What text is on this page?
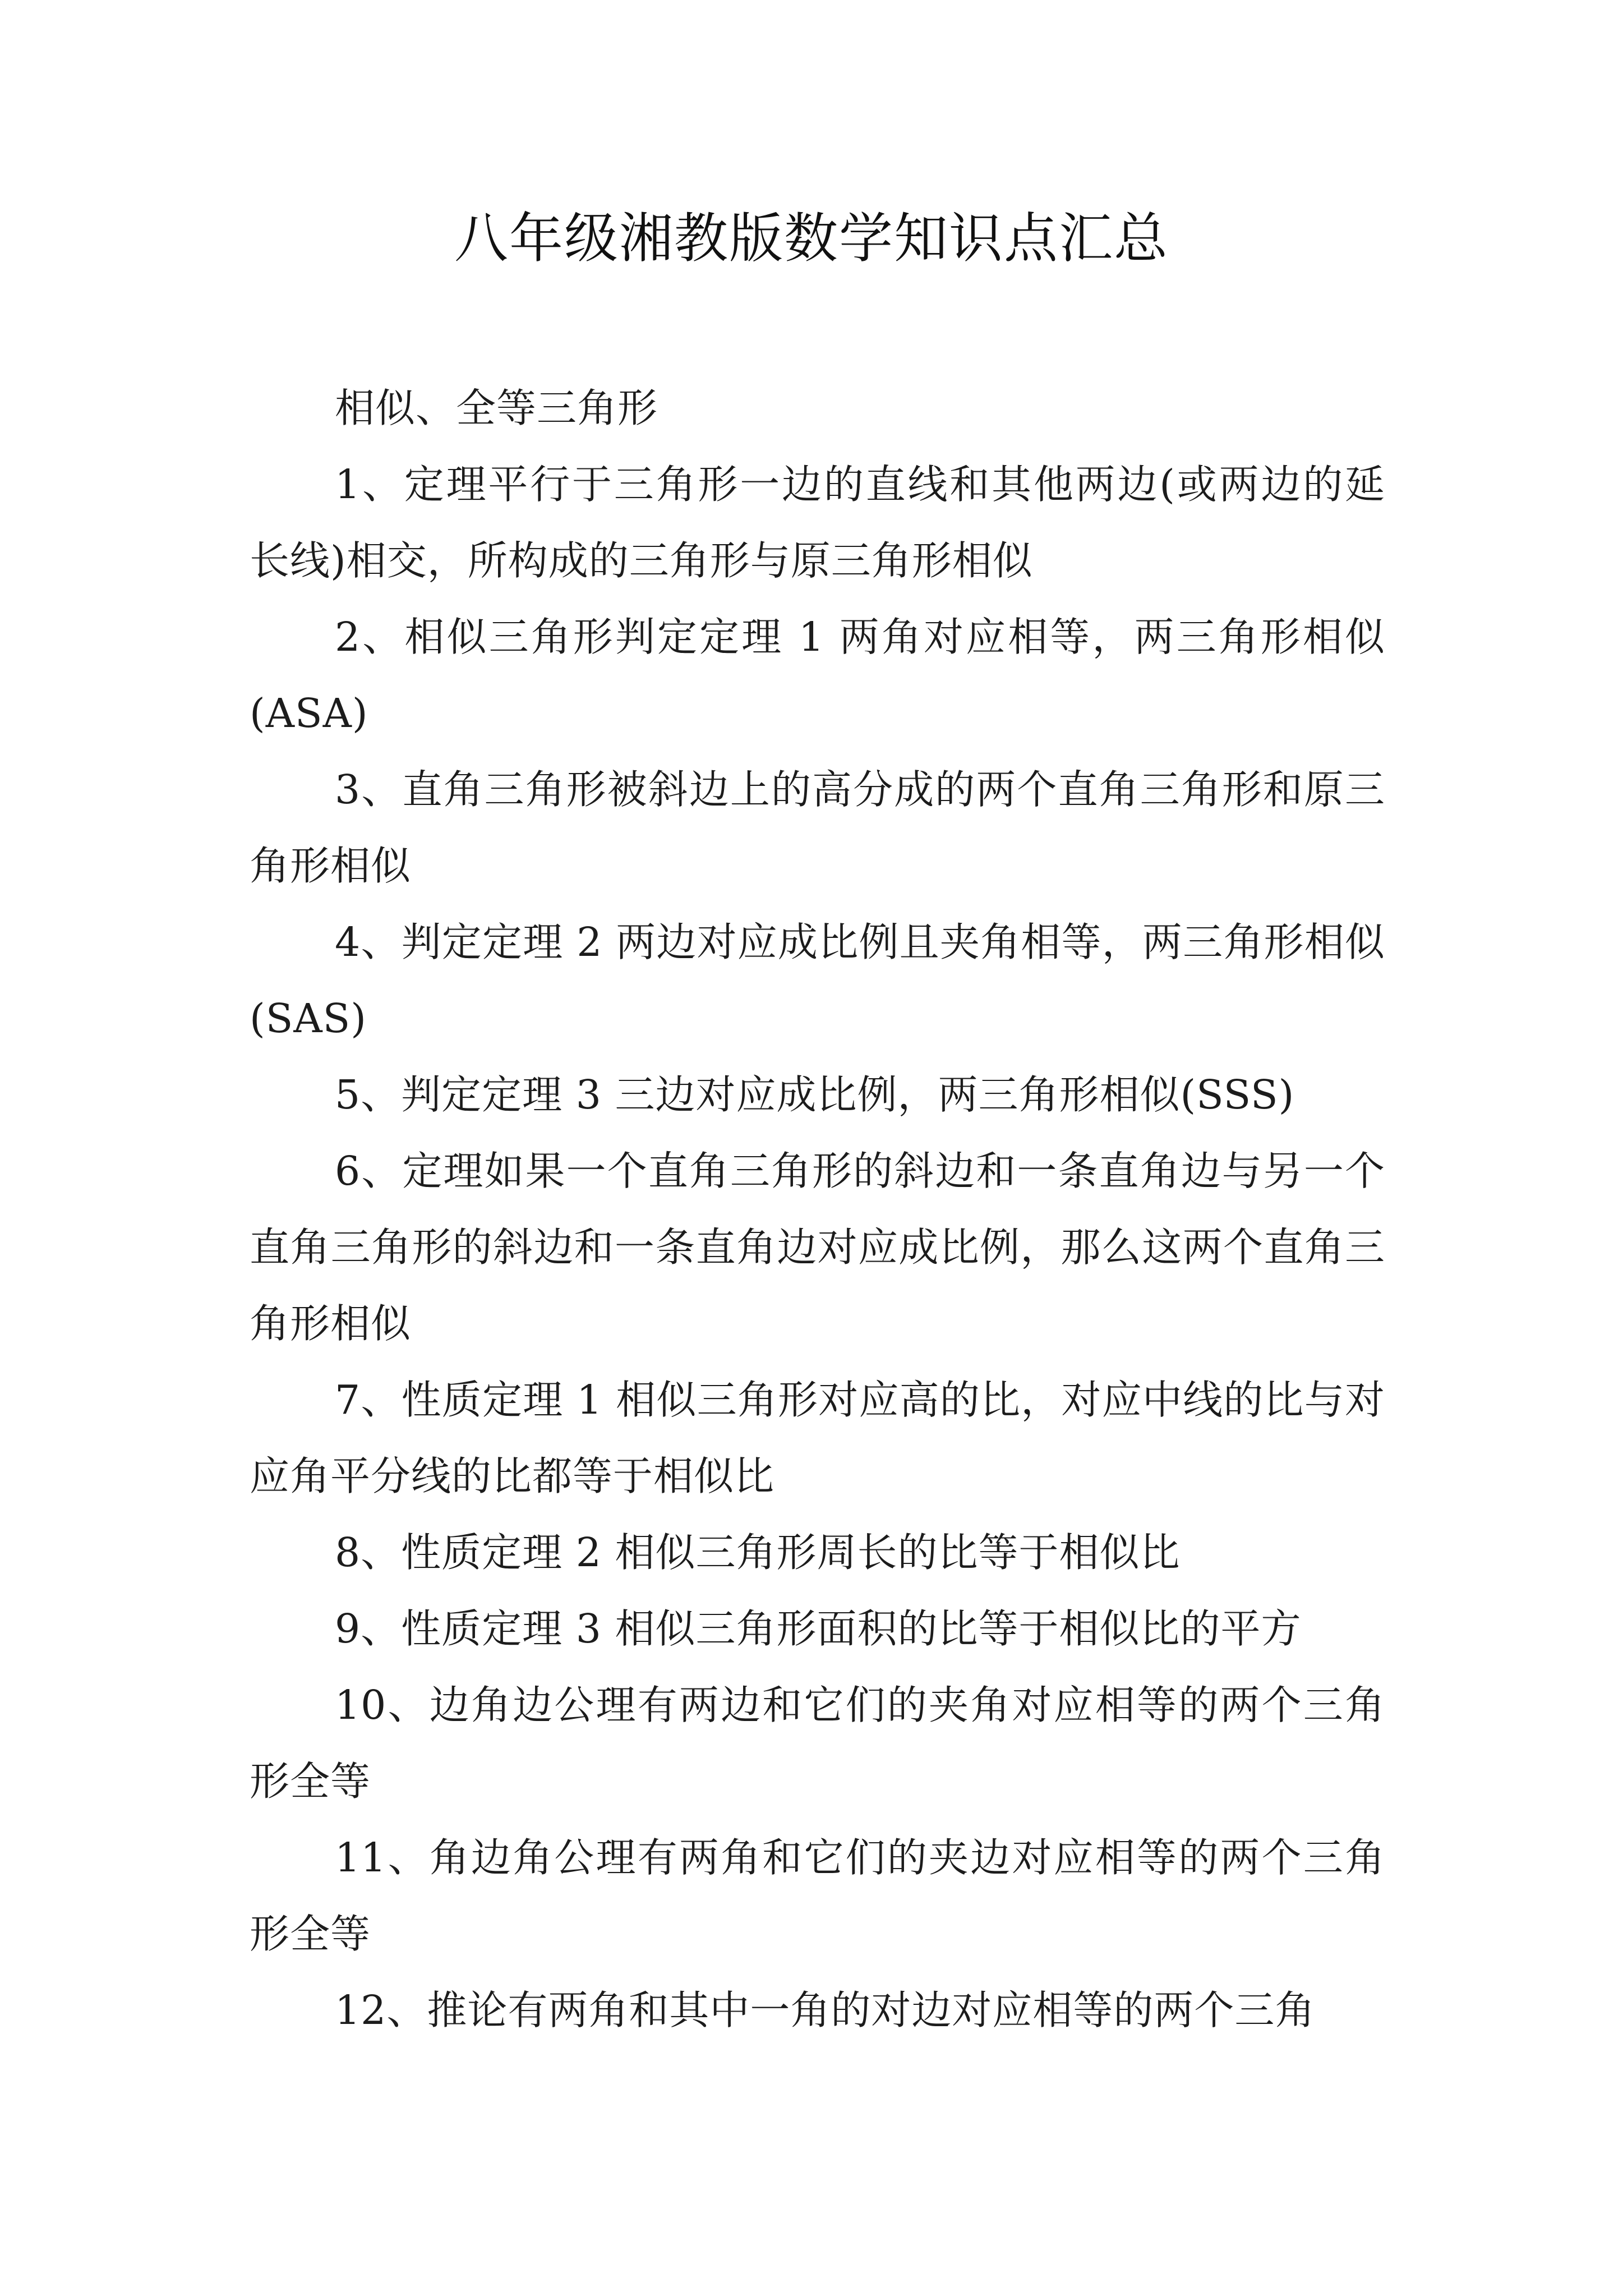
八年级湘教版数学知识点汇总

相似、全等三角形

1、定理平行于三角形一边的直线和其他两边(或两边的延长线)相交，所构成的三角形与原三角形相似

2、相似三角形判定定理 1 两角对应相等，两三角形相似(ASA)

3、直角三角形被斜边上的高分成的两个直角三角形和原三角形相似

4、判定定理 2 两边对应成比例且夹角相等，两三角形相似(SAS)

5、判定定理 3 三边对应成比例，两三角形相似(SSS)

6、定理如果一个直角三角形的斜边和一条直角边与另一个直角三角形的斜边和一条直角边对应成比例，那么这两个直角三角形相似

7、性质定理 1 相似三角形对应高的比，对应中线的比与对应角平分线的比都等于相似比

8、性质定理 2 相似三角形周长的比等于相似比

9、性质定理 3 相似三角形面积的比等于相似比的平方

10、边角边公理有两边和它们的夹角对应相等的两个三角形全等

11、角边角公理有两角和它们的夹边对应相等的两个三角形全等

12、推论有两角和其中一角的对边对应相等的两个三角
